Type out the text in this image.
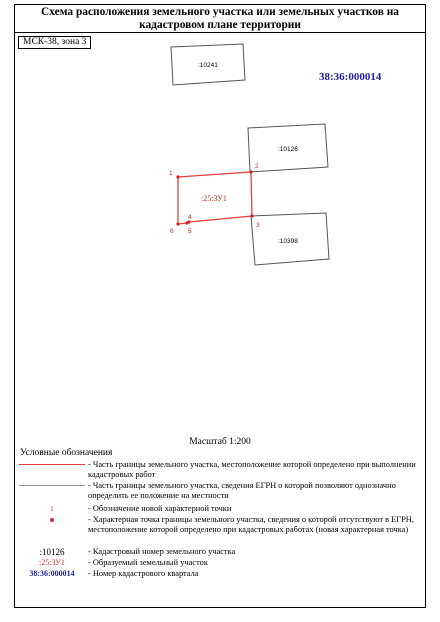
Схема расположения земельного участка или земельных участков на кадастровом плане территории
:10241
:10126
:10398
:25:ЗУ1
1
2
3
4
5
6
МСК-38, зона 3
38:36:000014
Масштаб 1:200
Условные обозначения
- Часть границы земельного участка, местоположение которой определено при выполнении кадастровых работ
- Часть границы земельного участка, сведения ЕГРН о которой позволяют однозначно определить ее положение на местности
1	- Обозначение новой характерной точки
- Характерная точка границы земельного участка, сведения о которой отсутствуют в ЕГРН, местоположение которой определено при кадастровых работах (новая характерная точка)
:10126	- Кадастровый номер земельного участка
:25:ЗУ1	- Образуемый земельный участок
38:36:000014	- Номер кадастрового квартала
